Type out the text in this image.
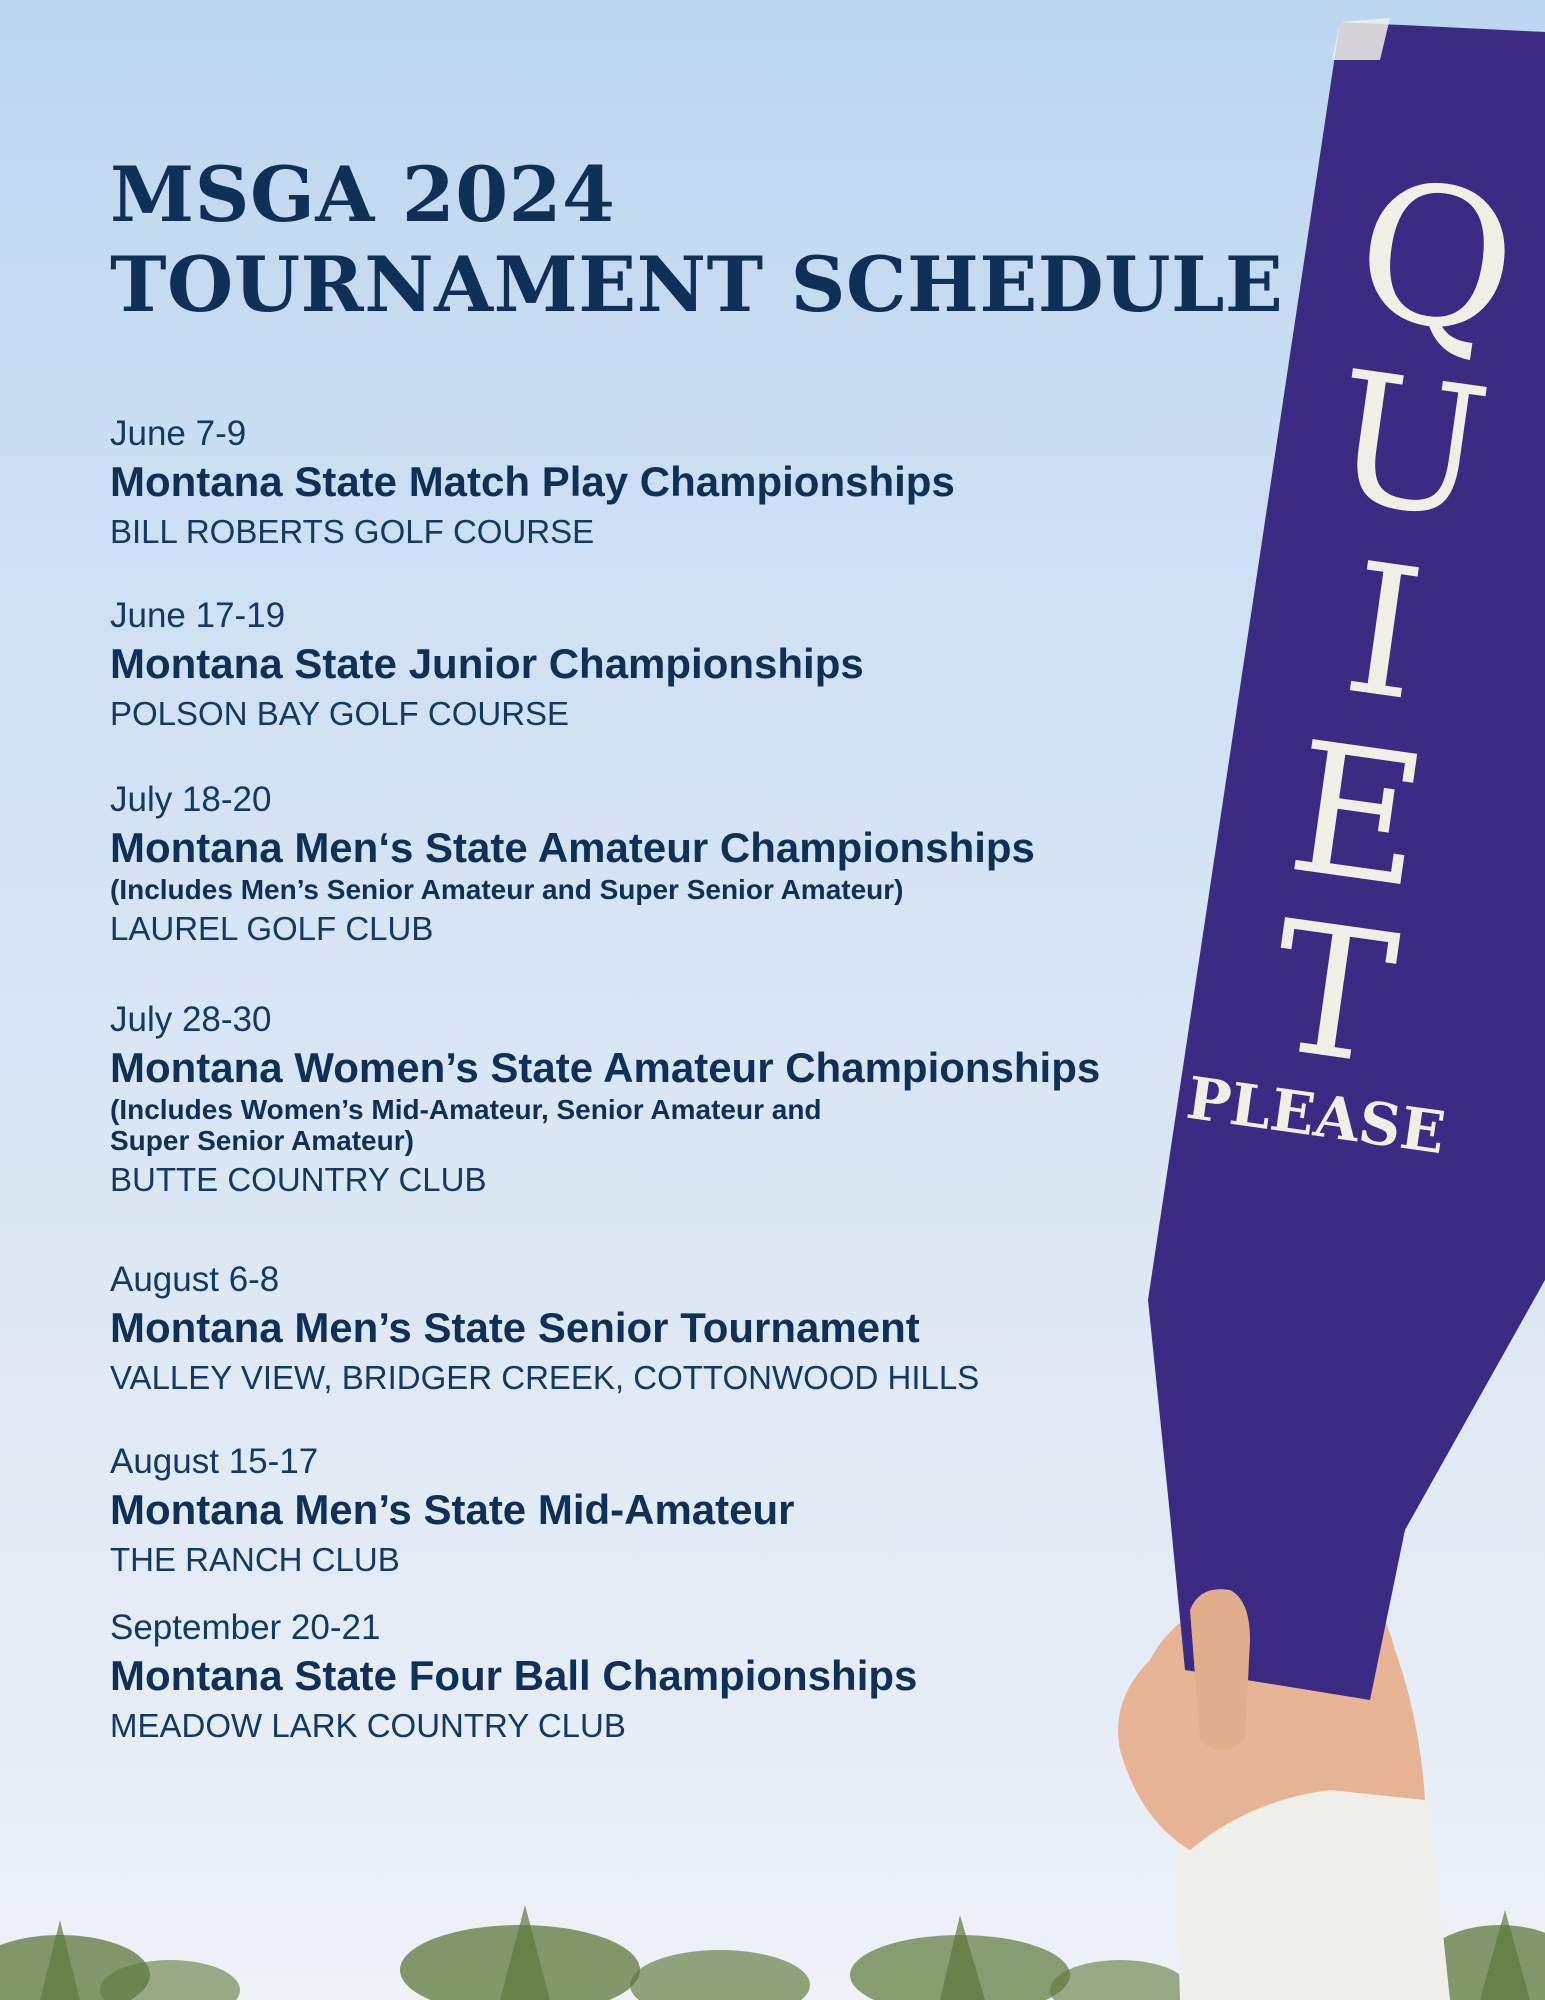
Q
U
I
E
T
PLEASE
MSGA 2024
TOURNAMENT SCHEDULE
June 7-9
Montana State Match Play Championships
BILL ROBERTS GOLF COURSE
June 17-19
Montana State Junior Championships
POLSON BAY GOLF COURSE
July 18-20
Montana Men‘s State Amateur Championships
(Includes Men’s Senior Amateur and Super Senior Amateur)
LAUREL GOLF CLUB
July 28-30
Montana Women’s State Amateur Championships
(Includes Women’s Mid-Amateur, Senior Amateur and
Super Senior Amateur)
BUTTE COUNTRY CLUB
August 6-8
Montana Men’s State Senior Tournament
VALLEY VIEW, BRIDGER CREEK, COTTONWOOD HILLS
August 15-17
Montana Men’s State Mid-Amateur
THE RANCH CLUB
September 20-21
Montana State Four Ball Championships
MEADOW LARK COUNTRY CLUB
